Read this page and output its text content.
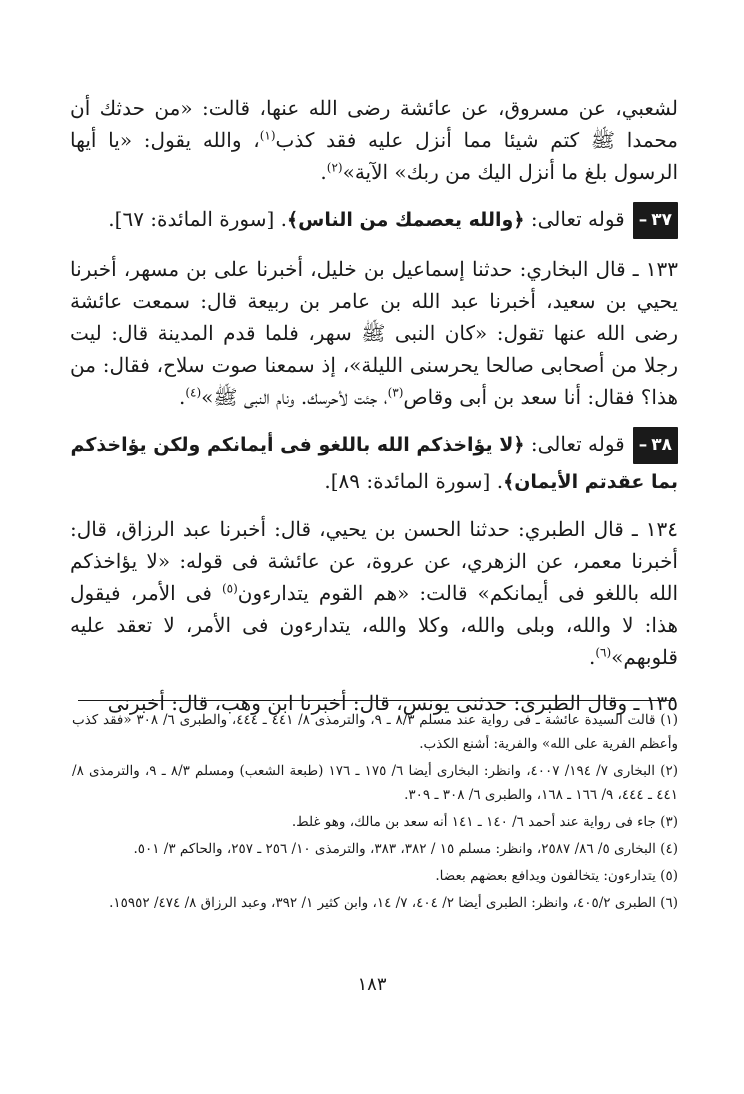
لشعبي، عن مسروق، عن عائشة رضى الله عنها، قالت: «من حدثك أن محمدا ﷺ كتم شيئا مما أنزل عليه فقد كذب$^{(١)}$، والله يقول: «يا أيها الرسول بلغ ما أنزل اليك من ربك» الآية»$^{(٢)}$.

٣٧–قوله تعالى: ﴿والله يعصمك من الناس﴾. [سورة المائدة: ٦٧].

١٣٣ ـ قال البخاري: حدثنا إسماعيل بن خليل، أخبرنا على بن مسهر، أخبرنا يحيي بن سعيد، أخبرنا عبد الله بن عامر بن ربيعة قال: سمعت عائشة رضى الله عنها تقول: «كان النبى ﷺ سهر، فلما قدم المدينة قال: ليت رجلا من أصحابى صالحا يحرسنى الليلة»، إذ سمعنا صوت سلاح، فقال: من هذا؟ فقال: أنا سعد بن أبى وقاص$^{(٣)}$، جئت لأحرسك. ونام النبى ﷺ»$^{(٤)}$.

٣٨–قوله تعالى: ﴿لا يؤاخذكم الله باللغو فى أيمانكم ولكن يؤاخذكم بما عقدتم الأيمان﴾. [سورة المائدة: ٨٩].

١٣٤ ـ قال الطبري: حدثنا الحسن بن يحيي، قال: أخبرنا عبد الرزاق، قال: أخبرنا معمر، عن الزهري، عن عروة، عن عائشة فى قوله: «لا يؤاخذكم الله باللغو فى أيمانكم» قالت: «هم القوم يتدارءون$^{(٥)}$ فى الأمر، فيقول هذا: لا والله، وبلى والله، وكلا والله، يتدارءون فى الأمر، لا تعقد عليه قلوبهم»$^{(٦)}$.

١٣٥ ـ وقال الطبرى: حدثنى يونس، قال: أخبرنا ابن وهب، قال: أخبرنى

(١) قالت السيدة عائشة ـ فى رواية عند مسلم ٨/٣ ـ ٩، والترمذى ٨/ ٤٤١ ـ ٤٤٤، والطبرى ٦/ ٣٠٨ «فقد كذب وأعظم الفرية على الله» والفرية: أشنع الكذب.

(٢) البخارى ٧/ ١٩٤/ ٤٠٠٧، وانظر: البخارى أيضا ٦/ ١٧٥ ـ ١٧٦ (طبعة الشعب) ومسلم ٨/٣ ـ ٩، والترمذى ٨/ ٤٤١ ـ ٤٤٤، ٩/ ١٦٦ ـ ١٦٨، والطبرى ٦/ ٣٠٨ ـ ٣٠٩.

(٣) جاء فى رواية عند أحمد ٦/ ١٤٠ ـ ١٤١ أنه سعد بن مالك، وهو غلط.

(٤) البخارى ٥/ ٨٦/ ٢٥٨٧، وانظر: مسلم ١٥ / ٣٨٢، ٣٨٣، والترمذى ١٠/ ٢٥٦ ـ ٢٥٧، والحاكم ٣/ ٥٠١.

(٥) يتدارءون: يتخالفون ويدافع بعضهم بعضا.

(٦) الطبرى ٤٠٥/٢، وانظر: الطبرى أيضا ٢/ ٤٠٤، ٧/ ١٤، وابن كثير ١/ ٣٩٢، وعبد الرزاق ٨/ ٤٧٤/ ١٥٩٥٢.

١٨٣
